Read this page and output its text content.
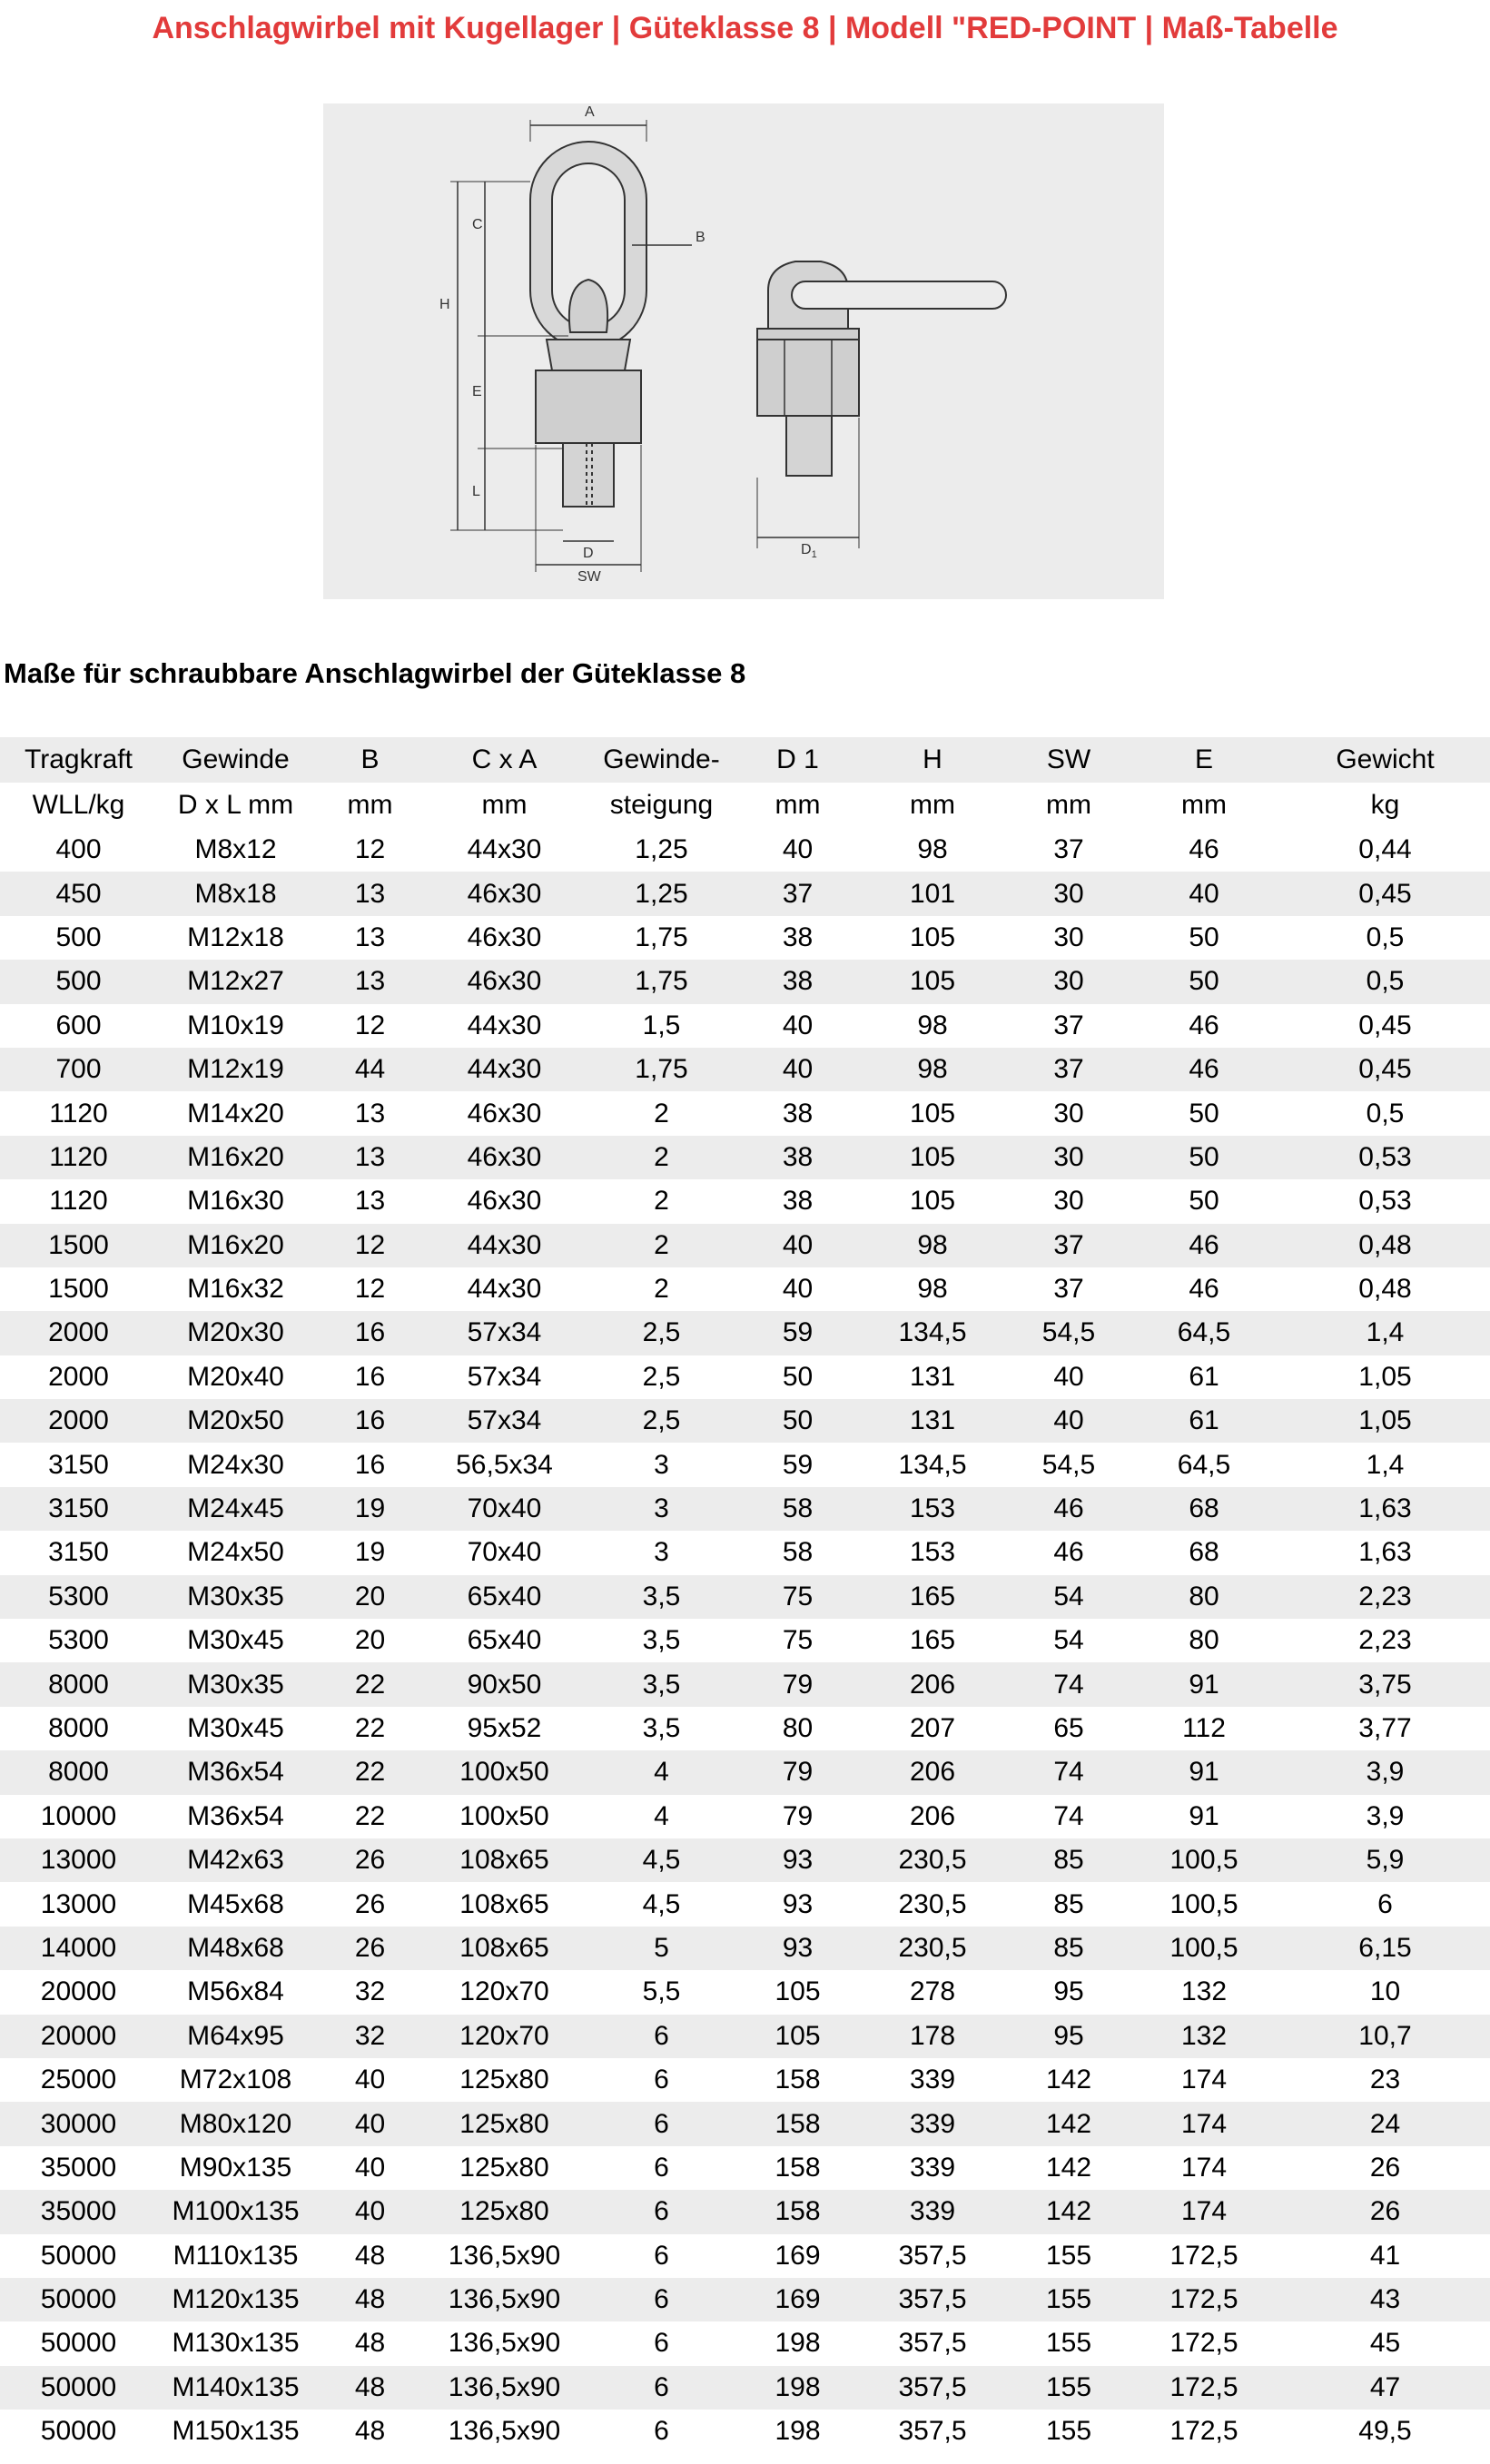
Anschlagwirbel mit Kugellager | Güteklasse 8 | Modell "RED-POINT | Maß-Tabelle
A
B
C
H
E
L
D
SW
$D_1$
Maße für schraubbare Anschlagwirbel der Güteklasse 8
Tragkraft	Gewinde	B	C x A	Gewinde-	D 1	H	SW	E	Gewicht
WLL/kg	D x L mm	mm	mm	steigung	mm	mm	mm	mm	kg
400	M8x12	12	44x30	1,25	40	98	37	46	0,44
450	M8x18	13	46x30	1,25	37	101	30	40	0,45
500	M12x18	13	46x30	1,75	38	105	30	50	0,5
500	M12x27	13	46x30	1,75	38	105	30	50	0,5
600	M10x19	12	44x30	1,5	40	98	37	46	0,45
700	M12x19	44	44x30	1,75	40	98	37	46	0,45
1120	M14x20	13	46x30	2	38	105	30	50	0,5
1120	M16x20	13	46x30	2	38	105	30	50	0,53
1120	M16x30	13	46x30	2	38	105	30	50	0,53
1500	M16x20	12	44x30	2	40	98	37	46	0,48
1500	M16x32	12	44x30	2	40	98	37	46	0,48
2000	M20x30	16	57x34	2,5	59	134,5	54,5	64,5	1,4
2000	M20x40	16	57x34	2,5	50	131	40	61	1,05
2000	M20x50	16	57x34	2,5	50	131	40	61	1,05
3150	M24x30	16	56,5x34	3	59	134,5	54,5	64,5	1,4
3150	M24x45	19	70x40	3	58	153	46	68	1,63
3150	M24x50	19	70x40	3	58	153	46	68	1,63
5300	M30x35	20	65x40	3,5	75	165	54	80	2,23
5300	M30x45	20	65x40	3,5	75	165	54	80	2,23
8000	M30x35	22	90x50	3,5	79	206	74	91	3,75
8000	M30x45	22	95x52	3,5	80	207	65	112	3,77
8000	M36x54	22	100x50	4	79	206	74	91	3,9
10000	M36x54	22	100x50	4	79	206	74	91	3,9
13000	M42x63	26	108x65	4,5	93	230,5	85	100,5	5,9
13000	M45x68	26	108x65	4,5	93	230,5	85	100,5	6
14000	M48x68	26	108x65	5	93	230,5	85	100,5	6,15
20000	M56x84	32	120x70	5,5	105	278	95	132	10
20000	M64x95	32	120x70	6	105	178	95	132	10,7
25000	M72x108	40	125x80	6	158	339	142	174	23
30000	M80x120	40	125x80	6	158	339	142	174	24
35000	M90x135	40	125x80	6	158	339	142	174	26
35000	M100x135	40	125x80	6	158	339	142	174	26
50000	M110x135	48	136,5x90	6	169	357,5	155	172,5	41
50000	M120x135	48	136,5x90	6	169	357,5	155	172,5	43
50000	M130x135	48	136,5x90	6	198	357,5	155	172,5	45
50000	M140x135	48	136,5x90	6	198	357,5	155	172,5	47
50000	M150x135	48	136,5x90	6	198	357,5	155	172,5	49,5
